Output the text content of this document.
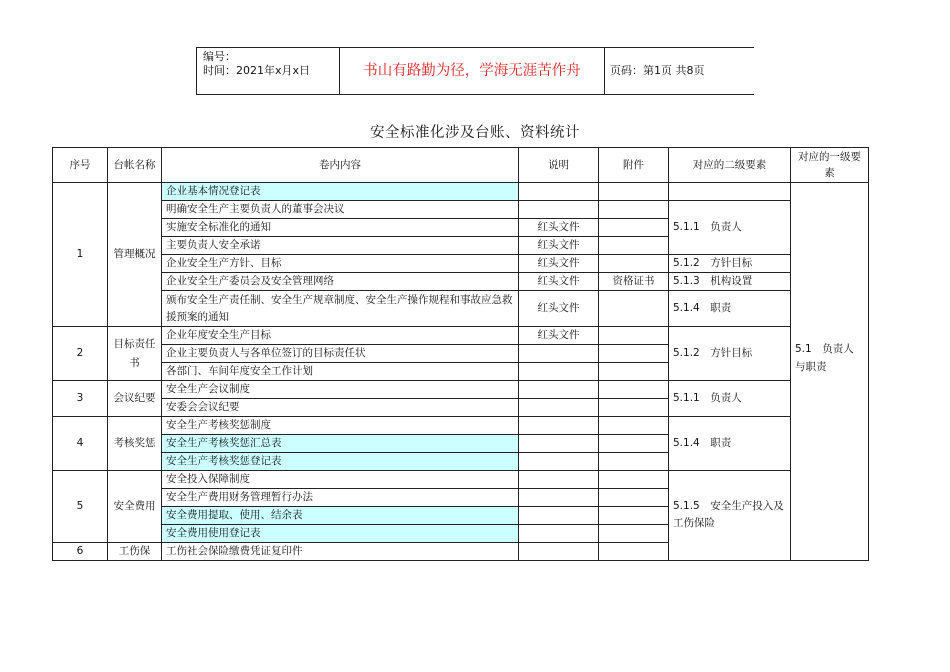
编号：
时间：2021年x月x日	书山有路勤为径，学海无涯苦作舟	页码：第1页 共8页
安全标准化涉及台账、资料统计
序号	台帐名称	卷内内容	说明	附件	对应的二级要素	对应的一级要素
1	管理概况	企业基本情况登记表				5.1　负责人与职责
		明确安全生产主要负责人的董事会决议			5.1.1　负责人	
		实施安全标准化的通知	红头文件			
		主要负责人安全承诺	红头文件			
		企业安全生产方针、目标	红头文件		5.1.2　方针目标	
		企业安全生产委员会及安全管理网络	红头文件	资格证书	5.1.3　机构设置	
		颁布安全生产责任制、安全生产规章制度、安全生产操作规程和事故应急救援预案的通知	红头文件		5.1.4　职责	
2	目标责任书	企业年度安全生产目标	红头文件		5.1.2　方针目标	
		企业主要负责人与各单位签订的目标责任状				
		各部门、车间年度安全工作计划				
3	会议纪要	安全生产会议制度			5.1.1　负责人	
		安委会会议纪要				
4	考核奖惩	安全生产考核奖惩制度			5.1.4　职责	
		安全生产考核奖惩汇总表				
		安全生产考核奖惩登记表				
5	安全费用	安全投入保障制度			5.1.5　安全生产投入及工伤保险	
		安全生产费用财务管理暂行办法				
		安全费用提取、使用、结余表				
		安全费用使用登记表				
6	工伤保	工伤社会保险缴费凭证复印件				
